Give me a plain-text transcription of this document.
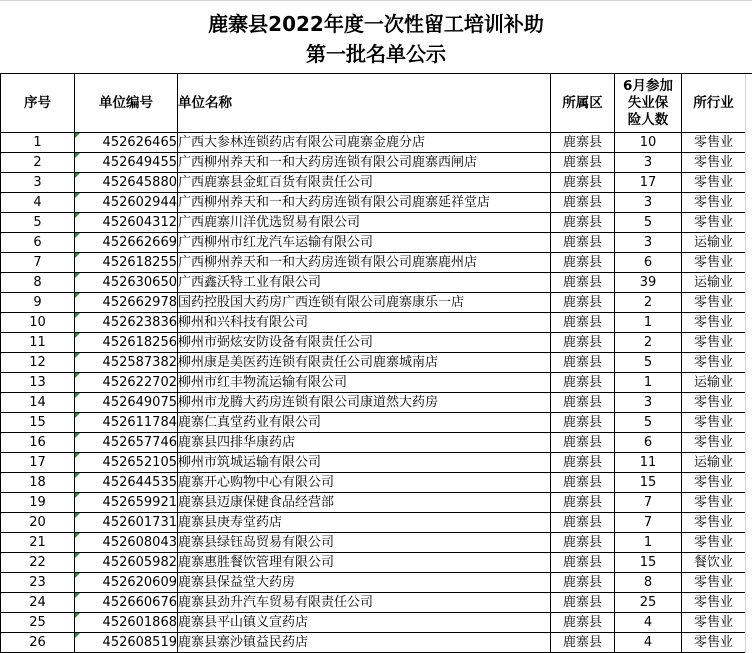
鹿寨县2022年度一次性留工培训补助
第一批名单公示
序号	单位编号	单位名称	所属区	6月参加
失业保
险人数	所行业
1	452626465	广西大参林连锁药店有限公司鹿寨金鹿分店	鹿寨县	10	零售业
2	452649455	广西柳州养天和一和大药房连锁有限公司鹿寨西闸店	鹿寨县	3	零售业
3	452645880	广西鹿寨县金虹百货有限责任公司	鹿寨县	17	零售业
4	452602944	广西柳州养天和一和大药房连锁有限公司鹿寨延祥堂店	鹿寨县	3	零售业
5	452604312	广西鹿寨川洋优选贸易有限公司	鹿寨县	5	零售业
6	452662669	广西柳州市红龙汽车运输有限公司	鹿寨县	3	运输业
7	452618255	广西柳州养天和一和大药房连锁有限公司鹿寨鹿州店	鹿寨县	6	零售业
8	452630650	广西鑫沃特工业有限公司	鹿寨县	39	运输业
9	452662978	国药控股国大药房广西连锁有限公司鹿寨康乐一店	鹿寨县	2	零售业
10	452623836	柳州和兴科技有限公司	鹿寨县	1	零售业
11	452618256	柳州市弼炫安防设备有限责任公司	鹿寨县	2	零售业
12	452587382	柳州康是美医药连锁有限责任公司鹿寨城南店	鹿寨县	5	零售业
13	452622702	柳州市红丰物流运输有限公司	鹿寨县	1	运输业
14	452649075	柳州市龙腾大药房连锁有限公司康道然大药房	鹿寨县	3	零售业
15	452611784	鹿寨仁真堂药业有限公司	鹿寨县	5	零售业
16	452657746	鹿寨县四排华康药店	鹿寨县	6	零售业
17	452652105	柳州市筑城运输有限公司	鹿寨县	11	运输业
18	452644535	鹿寨开心购物中心有限公司	鹿寨县	15	零售业
19	452659921	鹿寨县迈康保健食品经营部	鹿寨县	7	零售业
20	452601731	鹿寨县庚寿堂药店	鹿寨县	7	零售业
21	452608043	鹿寨县绿钰岛贸易有限公司	鹿寨县	1	零售业
22	452605982	鹿寨惠胜餐饮管理有限公司	鹿寨县	15	餐饮业
23	452620609	鹿寨县保益堂大药房	鹿寨县	8	零售业
24	452660676	鹿寨县劲升汽车贸易有限责任公司	鹿寨县	25	零售业
25	452601868	鹿寨县平山镇义宣药店	鹿寨县	4	零售业
26	452608519	鹿寨县寨沙镇益民药店	鹿寨县	4	零售业
